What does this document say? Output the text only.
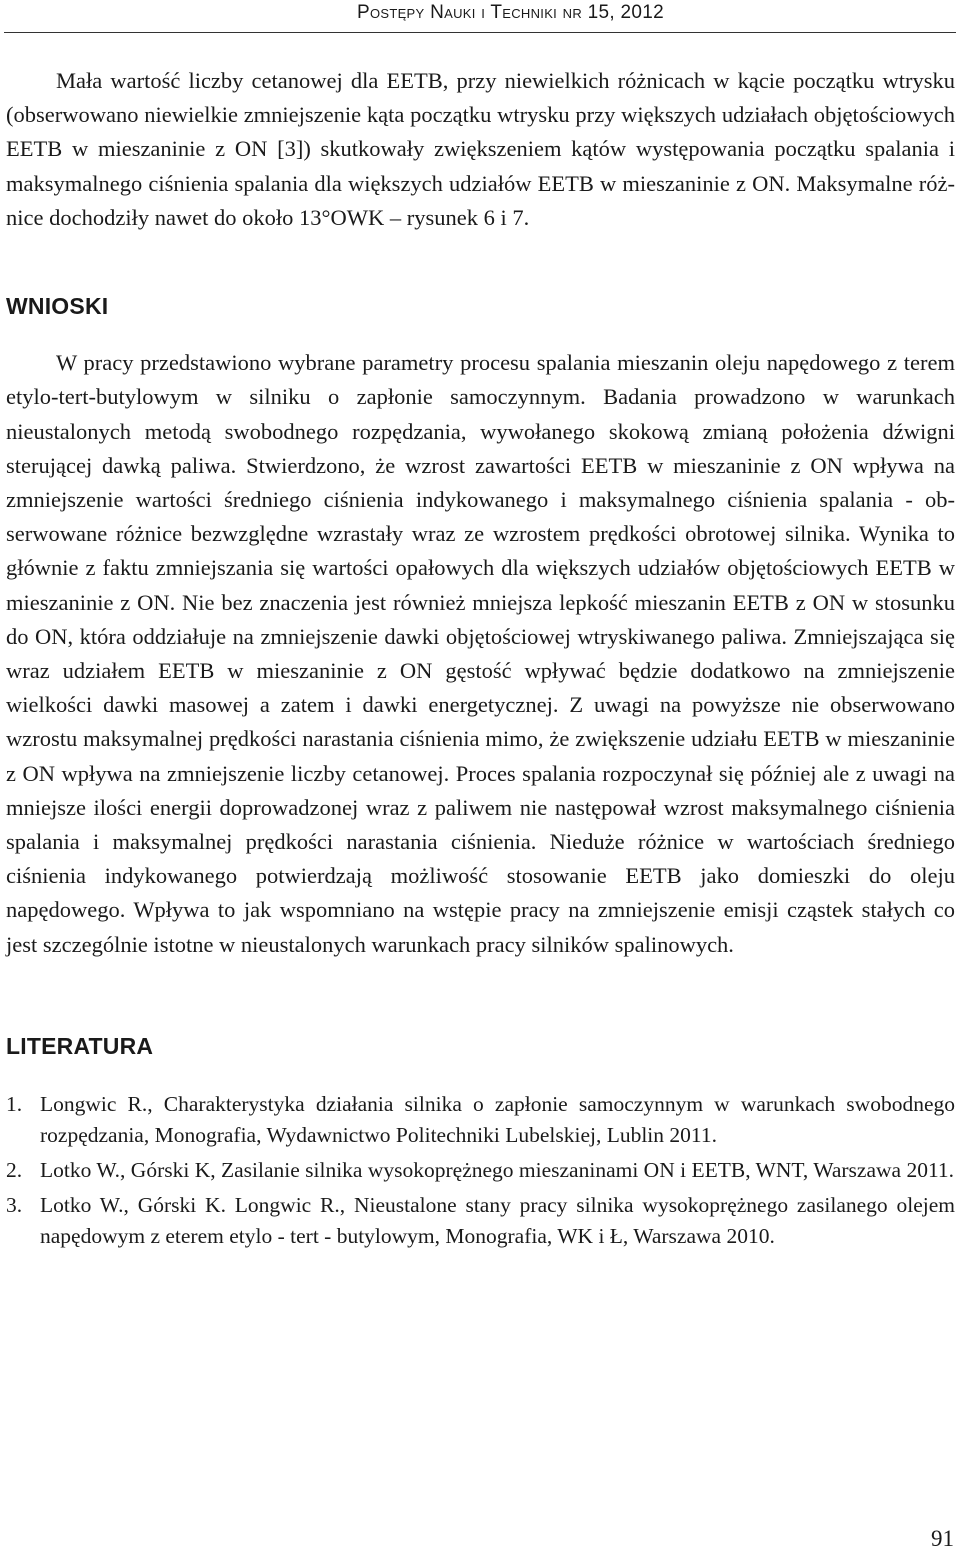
Postępy Nauki i Techniki nr 15, 2012

Mała wartość liczby cetanowej dla EETB, przy niewielkich różnicach w kącie początku wtrysku (obserwowano niewielkie zmniejszenie kąta początku wtrysku przy większych udziałach objętościowych EETB w mieszaninie z ON [3]) skutkowały zwiększeniem kątów występowania początku spalania i maksymalnego ciśnienia spalania dla większych udziałów EETB w mieszaninie z ON. Maksymalne różnice dochodziły nawet do około 13°OWK – rysunek 6 i 7.

WNIOSKI

W pracy przedstawiono wybrane parametry procesu spalania mieszanin oleju napędowego z terem etylo-tert-butylowym w silniku o zapłonie samoczynnym. Badania prowadzono w warunkach nieustalonych metodą swobodnego rozpędzania, wywołanego skokową zmianą położenia dźwigni sterującej dawką paliwa. Stwierdzono, że wzrost zawartości EETB w mieszaninie z ON wpływa na zmniejszenie wartości średniego ciśnienia indykowanego i maksymalnego ciśnienia spalania - obserwowane różnice bezwzględne wzrastały wraz ze wzrostem prędkości obrotowej silnika. Wynika to głównie z faktu zmniejszania się wartości opałowych dla większych udziałów objętościowych EETB w mieszaninie z ON. Nie bez znaczenia jest również mniejsza lepkość mieszanin EETB z ON w stosunku do ON, która oddziałuje na zmniejszenie dawki objętościowej wtryskiwanego paliwa. Zmniejszająca się wraz udziałem EETB w mieszaninie z ON gęstość wpływać będzie dodatkowo na zmniejszenie wielkości dawki masowej a zatem i dawki energetycznej. Z uwagi na powyższe nie obserwowano wzrostu maksymalnej prędkości narastania ciśnienia mimo, że zwiększenie udziału EETB w mieszaninie z ON wpływa na zmniejszenie liczby cetanowej. Proces spalania rozpoczynał się później ale z uwagi na mniejsze ilości energii doprowadzonej wraz z paliwem nie następował wzrost maksymalnego ciśnienia spalania i maksymalnej prędkości narastania ciśnienia. Nieduże różnice w wartościach średniego ciśnienia indykowanego potwierdzają możliwość stosowanie EETB jako domieszki do oleju napędowego. Wpływa to jak wspomniano na wstępie pracy na zmniejszenie emisji cząstek stałych co jest szczególnie istotne w nieustalonych warunkach pracy silników spalinowych.

LITERATURA
1. Longwic R., Charakterystyka działania silnika o zapłonie samoczynnym w warunkach swobodnego rozpędzania, Monografia, Wydawnictwo Politechniki Lubelskiej, Lublin 2011.
2. Lotko W., Górski K, Zasilanie silnika wysokoprężnego mieszaninami ON i EETB, WNT, Warszawa 2011.
3. Lotko W., Górski K. Longwic R., Nieustalone stany pracy silnika wysokoprężnego zasilanego olejem napędowym z eterem etylo - tert - butylowym, Monografia, WK i Ł, Warszawa 2010.
91
